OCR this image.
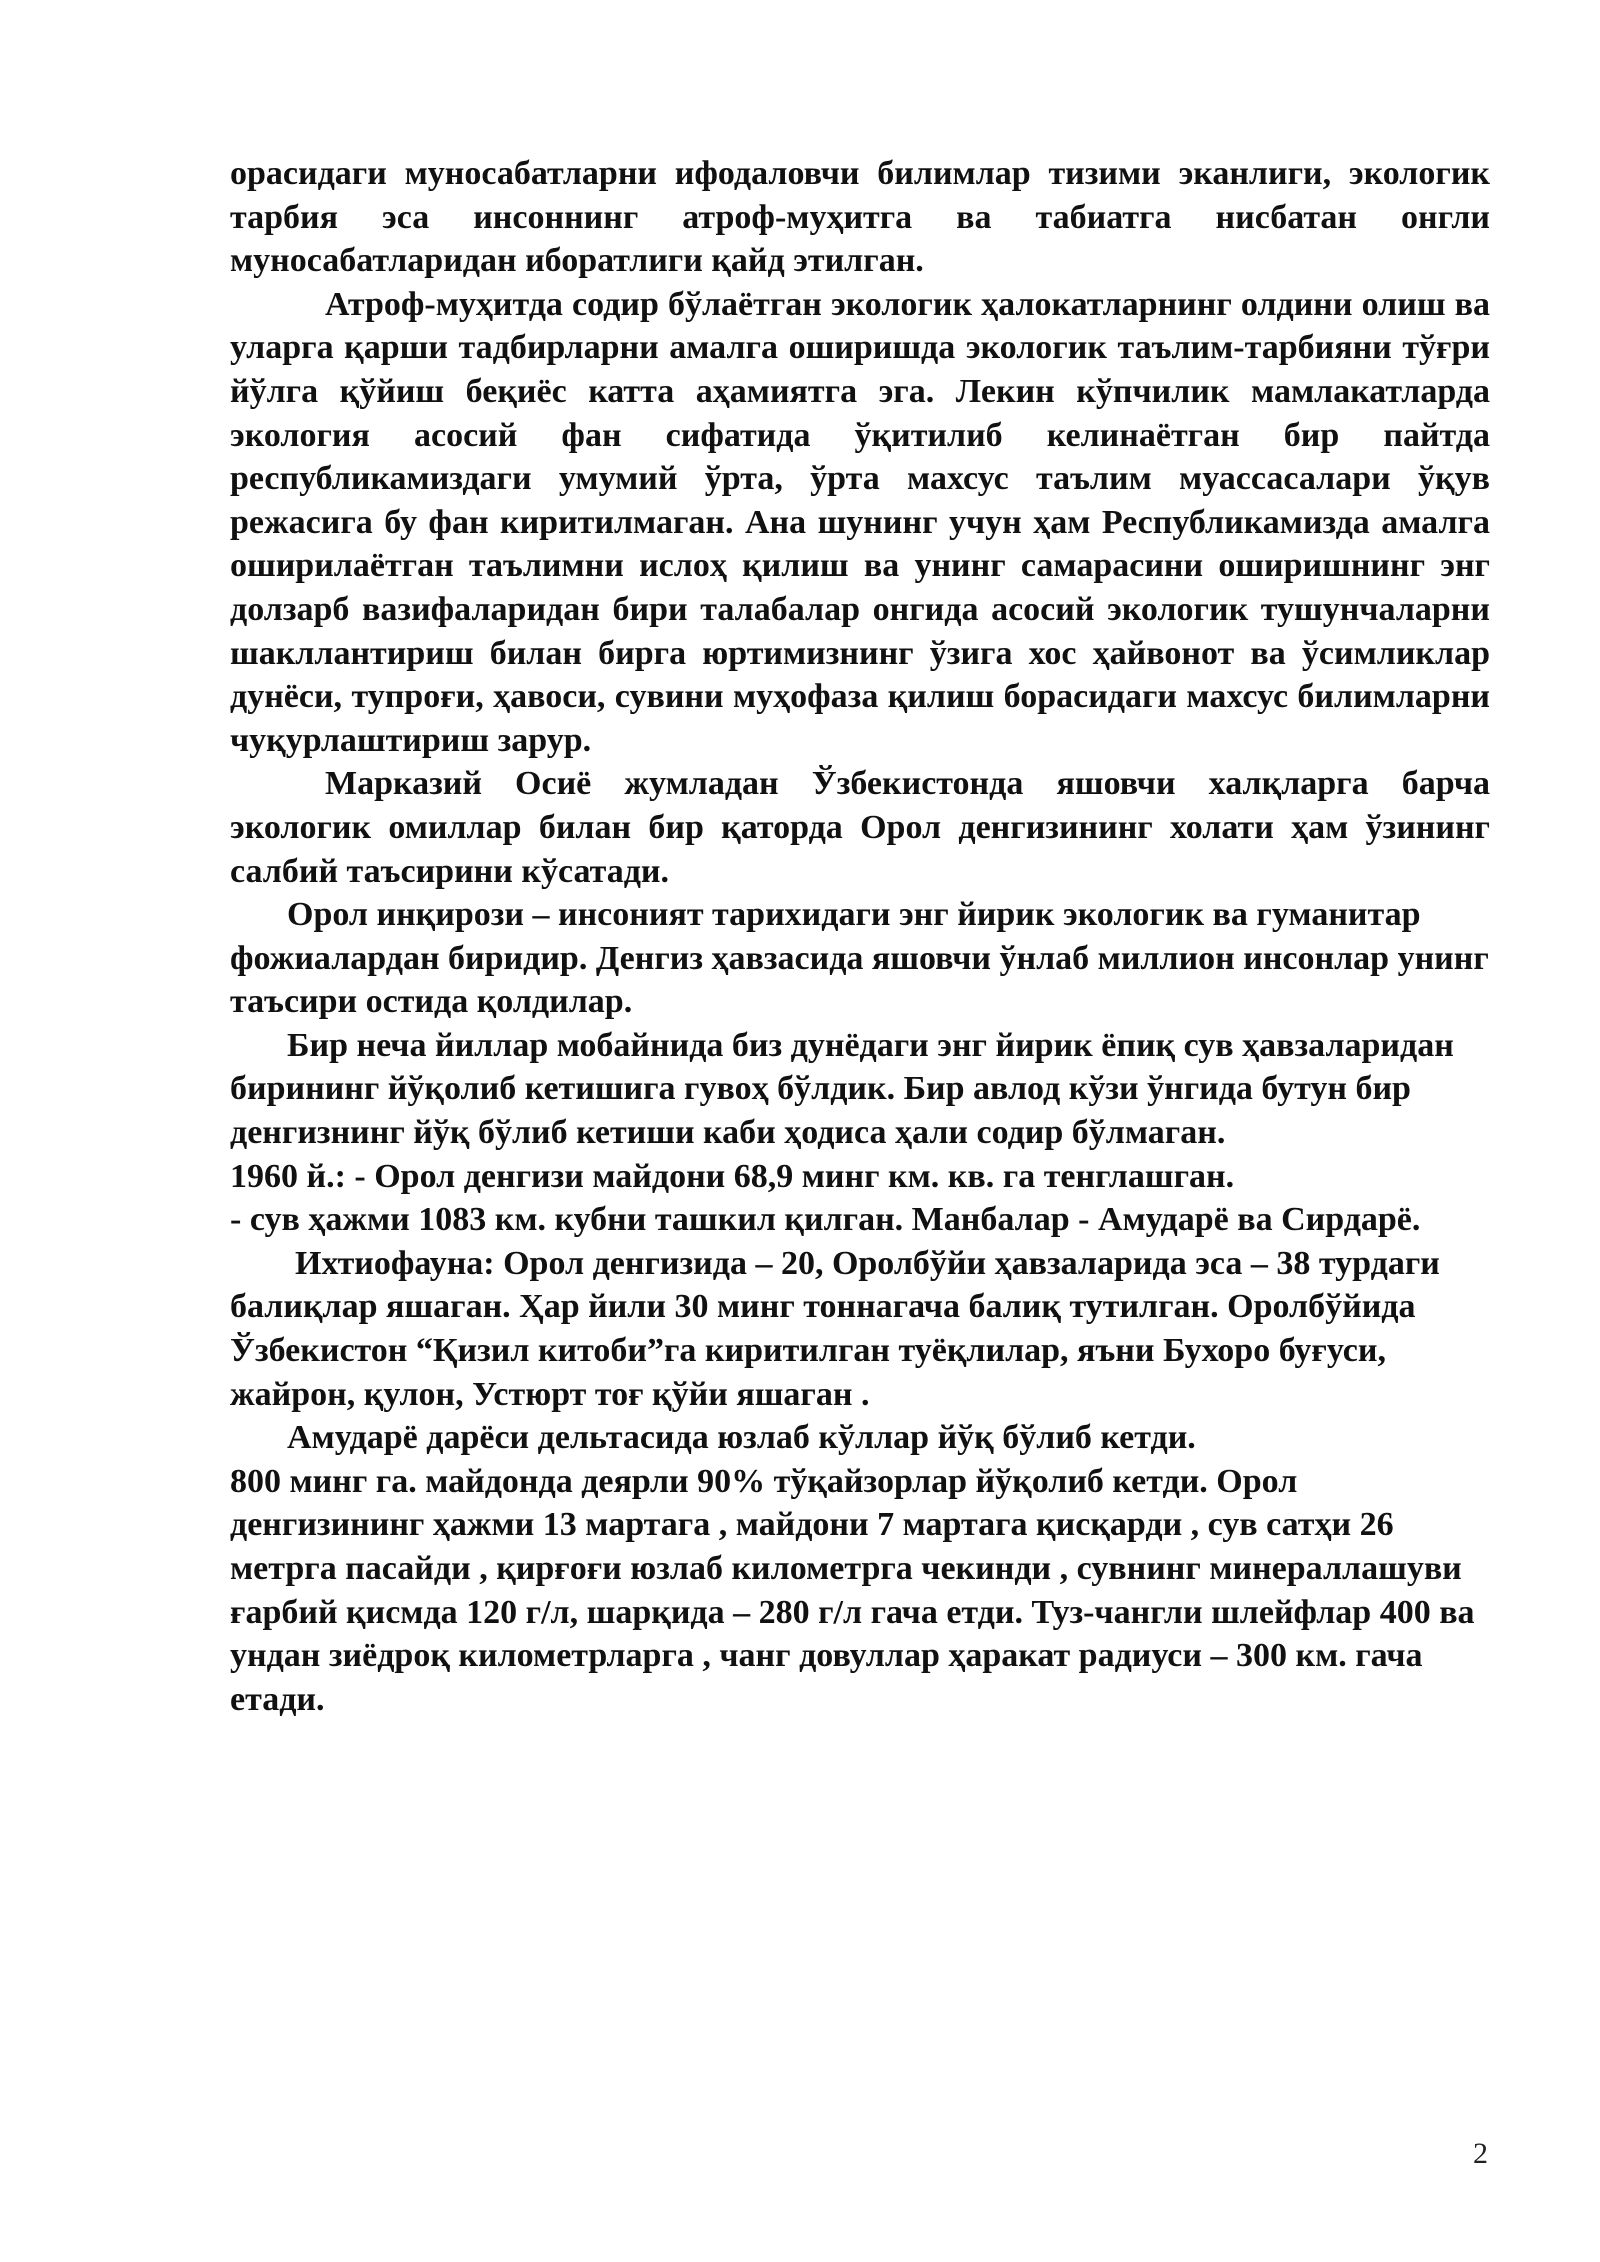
орасидаги муносабатларни ифодаловчи билимлар тизими эканлиги, экологик тарбия эса инсоннинг атроф-муҳитга ва табиатга нисбатан онгли муносабатларидан иборатлиги қайд этилган.

Атроф-муҳитда содир бўлаётган экологик ҳалокатларнинг олдини олиш ва уларга қарши тадбирларни амалга оширишда экологик таълим-тарбияни тўғри йўлга қўйиш беқиёс катта аҳамиятга эга. Лекин кўпчилик мамлакатларда экология асосий фан сифатида ўқитилиб келинаётган бир пайтда республикамиздаги умумий ўрта, ўрта махсус таълим муассасалари ўқув режасига бу фан киритилмаган. Ана шунинг учун ҳам Республикамизда амалга оширилаётган таълимни ислоҳ қилиш ва унинг самарасини оширишнинг энг долзарб вазифаларидан бири талабалар онгида асосий экологик тушунчаларни шакллантириш билан бирга юртимизнинг ўзига хос ҳайвонот ва ўсимликлар дунёси, тупроғи, ҳавоси, сувини муҳофаза қилиш борасидаги махсус билимларни чуқурлаштириш зарур.

Марказий Осиё жумладан Ўзбекистонда яшовчи халқларга барча экологик омиллар билан бир қаторда Орол денгизининг холати ҳам ўзининг салбий таъсирини кўсатади.

Орол инқирози – инсоният тарихидаги энг йирик экологик ва гуманитар фожиалардан биридир. Денгиз ҳавзасида яшовчи ўнлаб миллион инсонлар унинг таъсири остида қолдилар.

Бир неча йиллар мобайнида биз дунёдаги энг йирик ёпиқ сув ҳавзаларидан бирининг йўқолиб кетишига гувоҳ бўлдик. Бир авлод кўзи ўнгида бутун бир денгизнинг йўқ бўлиб кетиши каби ҳодиса ҳали содир бўлмаган.

1960 й.: - Орол денгизи майдони 68,9 минг км. кв. га тенглашган.

- сув ҳажми 1083 км. кубни ташкил қилган. Манбалар - Амударё ва Сирдарё.

Ихтиофауна: Орол денгизида – 20, Оролбўйи ҳавзаларида эса – 38 турдаги балиқлар яшаган. Ҳар йили 30 минг тоннагача балиқ тутилган. Оролбўйида Ўзбекистон “Қизил китоби”га киритилган туёқлилар, яъни Бухоро буғуси, жайрон, қулон, Устюрт тоғ қўйи яшаган .

Амударё дарёси дельтасида юзлаб кўллар йўқ бўлиб кетди.

800 минг га. майдонда деярли 90% тўқайзорлар йўқолиб кетди. Орол денгизининг ҳажми 13 мартага , майдони 7 мартага қисқарди , сув сатҳи 26 метрга пасайди , қирғоғи юзлаб километрга чекинди , сувнинг минераллашуви ғарбий қисмда 120 г/л, шарқида – 280 г/л гача етди. Туз-чангли шлейфлар 400 ва ундан зиёдроқ километрларга , чанг довуллар ҳаракат радиуси – 300 км. гача етади.

2
